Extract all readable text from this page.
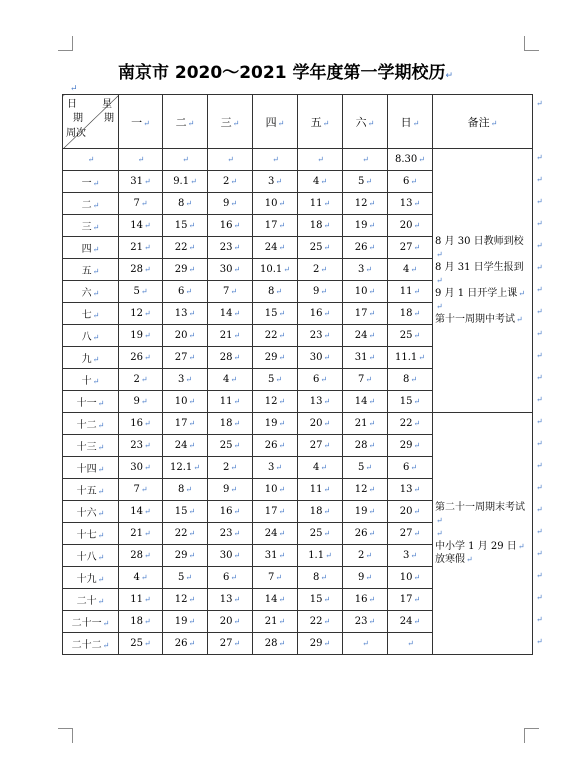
南京市 2020～2021 学年度第一学期校历↵
↵
日 星
期 期
周次	一↵	二↵	三↵	四↵	五↵	六↵	日↵	备注↵
↵	↵	↵	↵	↵	↵	↵	8.30↵	8 月 30 日教师到校↵
8 月 31 日学生报到↵
9 月 1 日开学上课↵
↵
第十一周期中考试↵

一↵	31↵	9.1↵	2↵	3↵	4↵	5↵	6↵	
二↵	7↵	8↵	9↵	10↵	11↵	12↵	13↵	
三↵	14↵	15↵	16↵	17↵	18↵	19↵	20↵	
四↵	21↵	22↵	23↵	24↵	25↵	26↵	27↵	
五↵	28↵	29↵	30↵	10.1↵	2↵	3↵	4↵	
六↵	5↵	6↵	7↵	8↵	9↵	10↵	11↵	
七↵	12↵	13↵	14↵	15↵	16↵	17↵	18↵	
八↵	19↵	20↵	21↵	22↵	23↵	24↵	25↵	
九↵	26↵	27↵	28↵	29↵	30↵	31↵	11.1↵	
十↵	2↵	3↵	4↵	5↵	6↵	7↵	8↵	
十一↵	9↵	10↵	11↵	12↵	13↵	14↵	15↵	
十二↵	16↵	17↵	18↵	19↵	20↵	21↵	22↵	第二十一周期末考试↵
↵
中小学 1 月 29 日↵
放寒假↵

十三↵	23↵	24↵	25↵	26↵	27↵	28↵	29↵	
十四↵	30↵	12.1↵	2↵	3↵	4↵	5↵	6↵	
十五↵	7↵	8↵	9↵	10↵	11↵	12↵	13↵	
十六↵	14↵	15↵	16↵	17↵	18↵	19↵	20↵	
十七↵	21↵	22↵	23↵	24↵	25↵	26↵	27↵	
十八↵	28↵	29↵	30↵	31↵	1.1↵	2↵	3↵	
十九↵	4↵	5↵	6↵	7↵	8↵	9↵	10↵	
二十↵	11↵	12↵	13↵	14↵	15↵	16↵	17↵	
二十一↵	18↵	19↵	20↵	21↵	22↵	23↵	24↵	
二十二↵	25↵	26↵	27↵	28↵	29↵	↵	↵	
↵
↵
↵
↵
↵
↵
↵
↵
↵
↵
↵
↵
↵
↵
↵
↵
↵
↵
↵
↵
↵
↵
↵
↵
